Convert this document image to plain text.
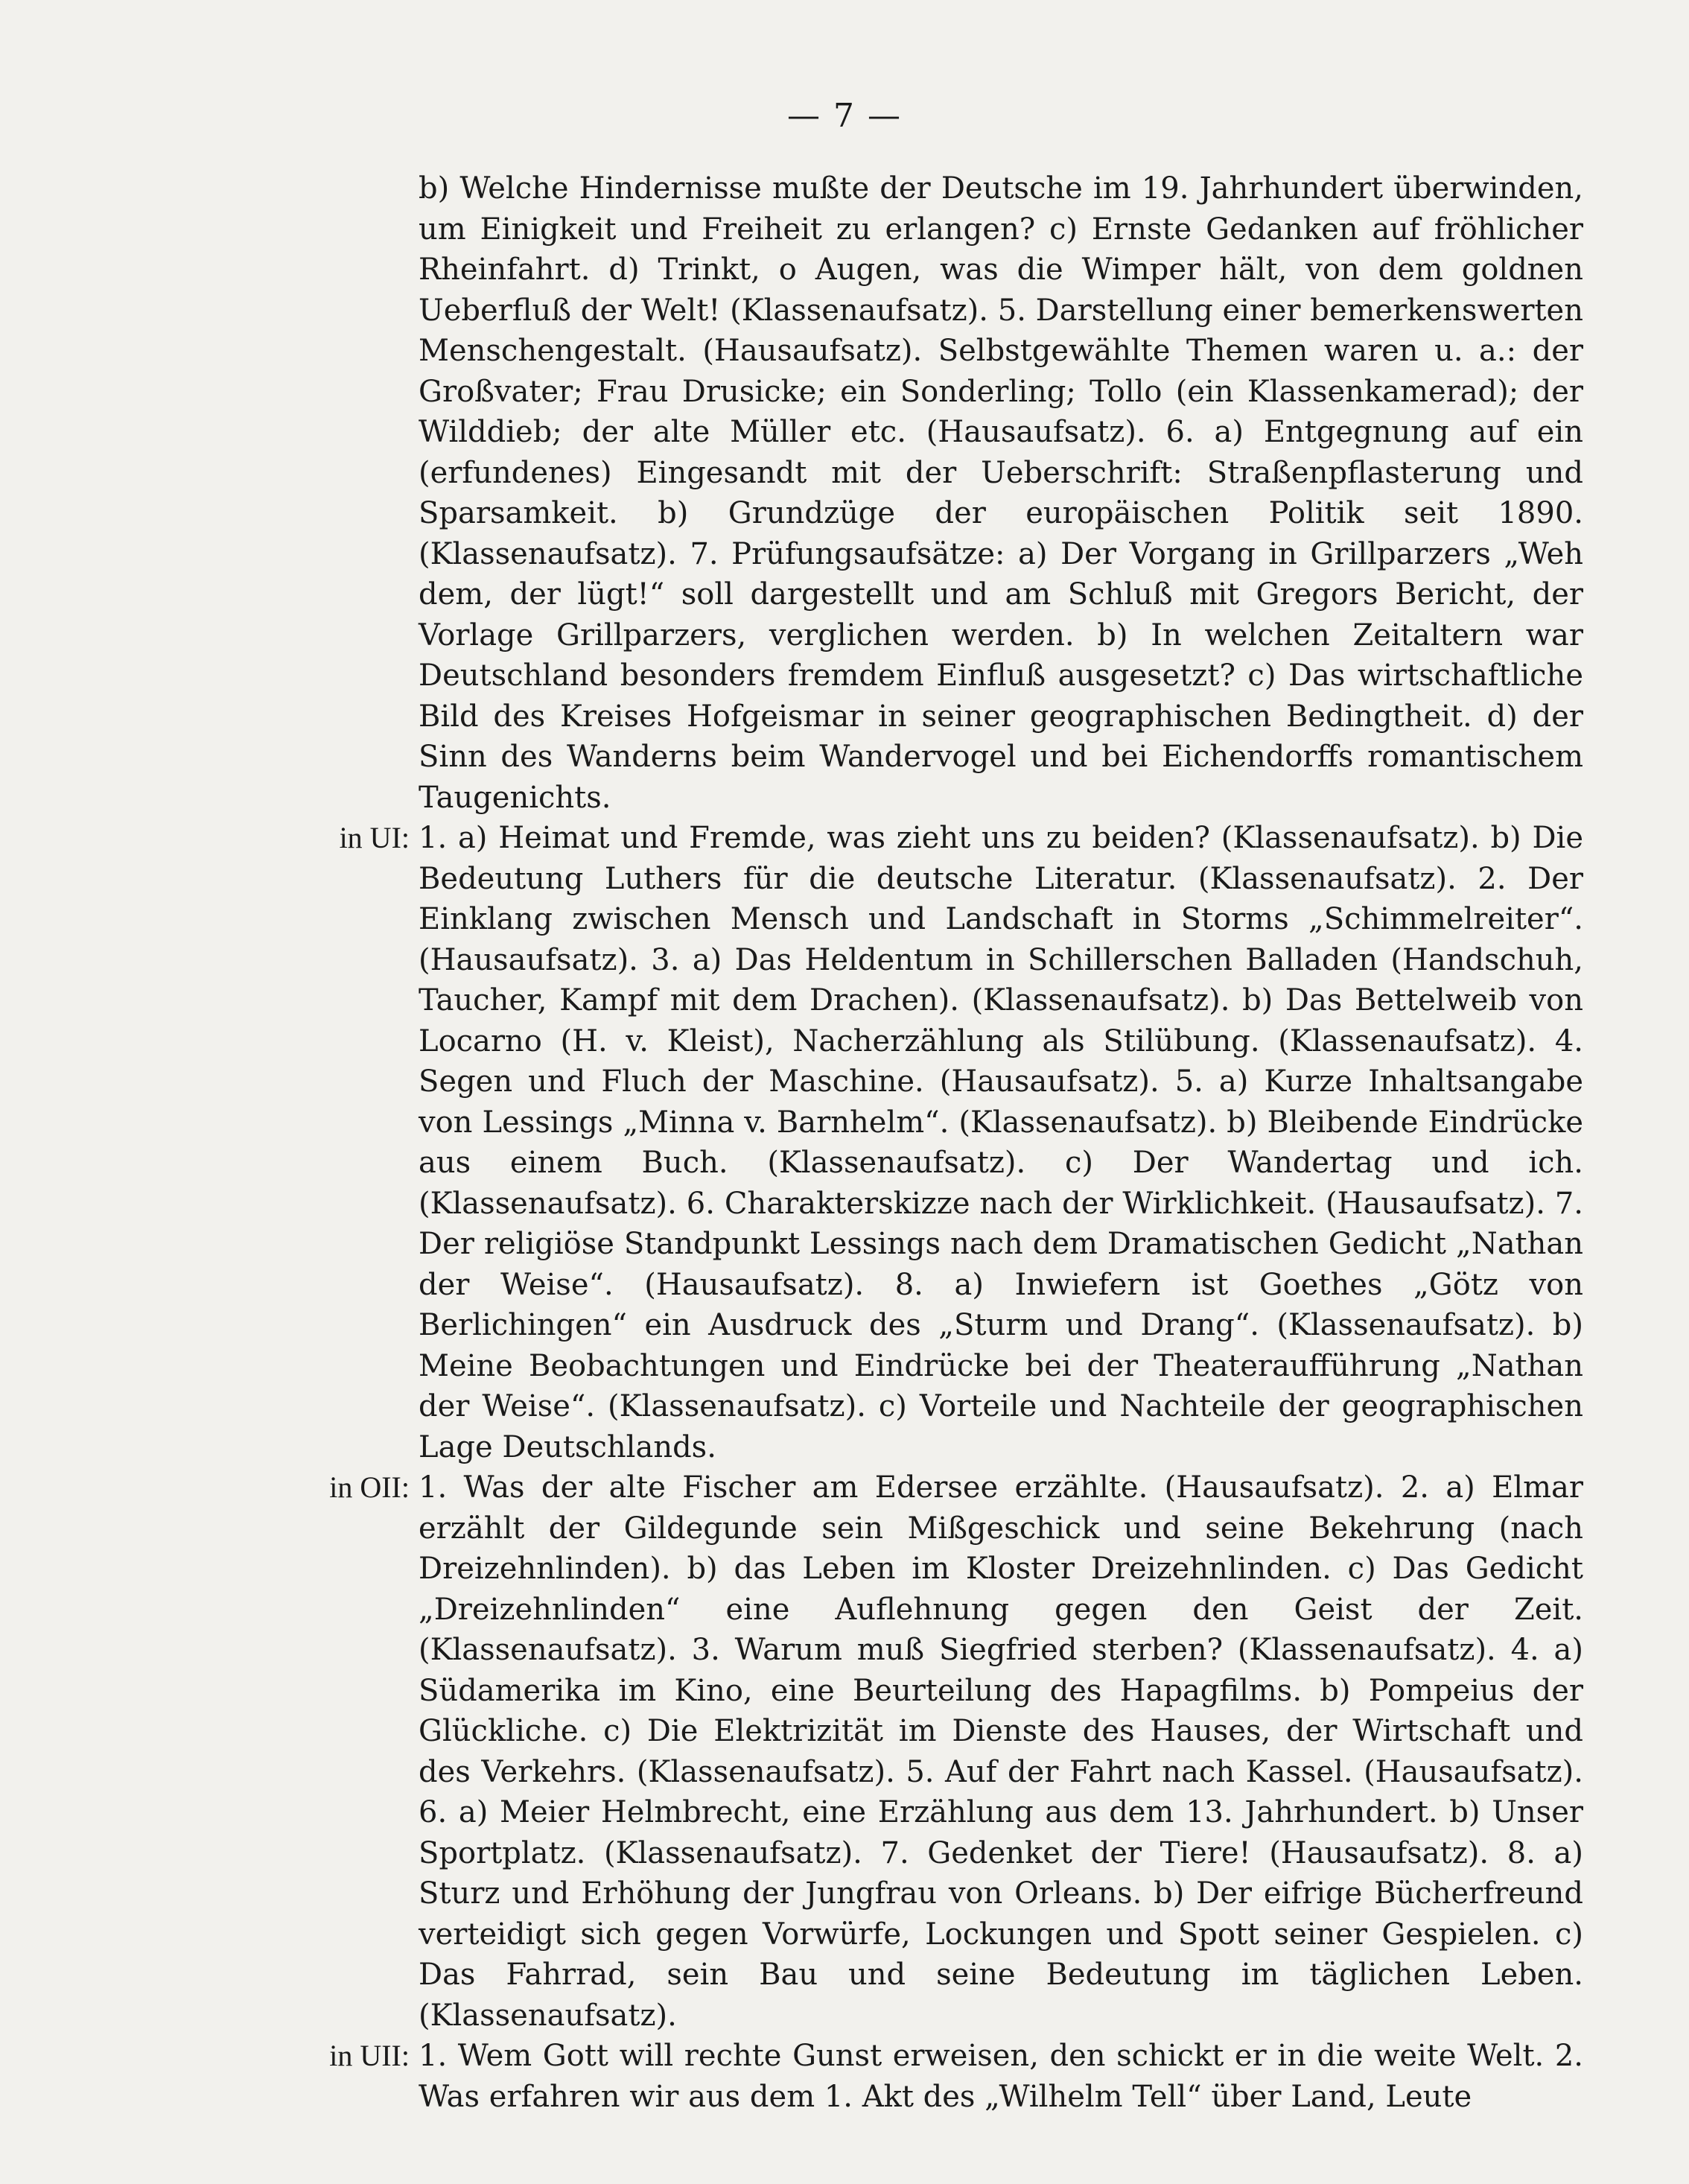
— 7 —

b) Welche Hindernisse mußte der Deutsche im 19. Jahrhundert überwinden, um Einigkeit und Freiheit zu erlangen? c) Ernste Gedanken auf fröhlicher Rheinfahrt. d) Trinkt, o Augen, was die Wimper hält, von dem goldnen Ueberfluß der Welt! (Klassenaufsatz). 5. Darstellung einer bemerkenswerten Menschengestalt. (Hausaufsatz). Selbstgewählte Themen waren u. a.: der Großvater; Frau Drusicke; ein Sonderling; Tollo (ein Klassenkamerad); der Wilddieb; der alte Müller etc. (Hausaufsatz). 6. a) Entgegnung auf ein (erfundenes) Eingesandt mit der Ueberschrift: Straßenpflasterung und Sparsamkeit. b) Grundzüge der europäischen Politik seit 1890. (Klassenaufsatz). 7. Prüfungsaufsätze: a) Der Vorgang in Grillparzers „Weh dem, der lügt!“ soll dargestellt und am Schluß mit Gregors Bericht, der Vorlage Grillparzers, verglichen werden. b) In welchen Zeitaltern war Deutschland besonders fremdem Einfluß ausgesetzt? c) Das wirtschaftliche Bild des Kreises Hofgeismar in seiner geographischen Bedingtheit. d) der Sinn des Wanderns beim Wandervogel und bei Eichendorffs romantischem Taugenichts.

in UI: 1. a) Heimat und Fremde, was zieht uns zu beiden? (Klassenaufsatz). b) Die Bedeutung Luthers für die deutsche Literatur. (Klassenaufsatz). 2. Der Einklang zwischen Mensch und Landschaft in Storms „Schimmelreiter“. (Hausaufsatz). 3. a) Das Heldentum in Schillerschen Balladen (Handschuh, Taucher, Kampf mit dem Drachen). (Klassenaufsatz). b) Das Bettelweib von Locarno (H. v. Kleist), Nacherzählung als Stilübung. (Klassenaufsatz). 4. Segen und Fluch der Maschine. (Hausaufsatz). 5. a) Kurze Inhaltsangabe von Lessings „Minna v. Barnhelm“. (Klassenaufsatz). b) Bleibende Eindrücke aus einem Buch. (Klassenaufsatz). c) Der Wandertag und ich. (Klassenaufsatz). 6. Charakterskizze nach der Wirklichkeit. (Hausaufsatz). 7. Der religiöse Standpunkt Lessings nach dem Dramatischen Gedicht „Nathan der Weise“. (Hausaufsatz). 8. a) Inwiefern ist Goethes „Götz von Berlichingen“ ein Ausdruck des „Sturm und Drang“. (Klassenaufsatz). b) Meine Beobachtungen und Eindrücke bei der Theateraufführung „Nathan der Weise“. (Klassenaufsatz). c) Vorteile und Nachteile der geographischen Lage Deutschlands.

in OII: 1. Was der alte Fischer am Edersee erzählte. (Hausaufsatz). 2. a) Elmar erzählt der Gildegunde sein Mißgeschick und seine Bekehrung (nach Dreizehnlinden). b) das Leben im Kloster Dreizehnlinden. c) Das Gedicht „Dreizehnlinden“ eine Auflehnung gegen den Geist der Zeit. (Klassenaufsatz). 3. Warum muß Siegfried sterben? (Klassenaufsatz). 4. a) Südamerika im Kino, eine Beurteilung des Hapagfilms. b) Pompeius der Glückliche. c) Die Elektrizität im Dienste des Hauses, der Wirtschaft und des Verkehrs. (Klassenaufsatz). 5. Auf der Fahrt nach Kassel. (Hausaufsatz). 6. a) Meier Helmbrecht, eine Erzählung aus dem 13. Jahrhundert. b) Unser Sportplatz. (Klassenaufsatz). 7. Gedenket der Tiere! (Hausaufsatz). 8. a) Sturz und Erhöhung der Jungfrau von Orleans. b) Der eifrige Bücherfreund verteidigt sich gegen Vorwürfe, Lockungen und Spott seiner Gespielen. c) Das Fahrrad, sein Bau und seine Bedeutung im täglichen Leben. (Klassenaufsatz).

in UII: 1. Wem Gott will rechte Gunst erweisen, den schickt er in die weite Welt. 2. Was erfahren wir aus dem 1. Akt des „Wilhelm Tell“ über Land, Leute
